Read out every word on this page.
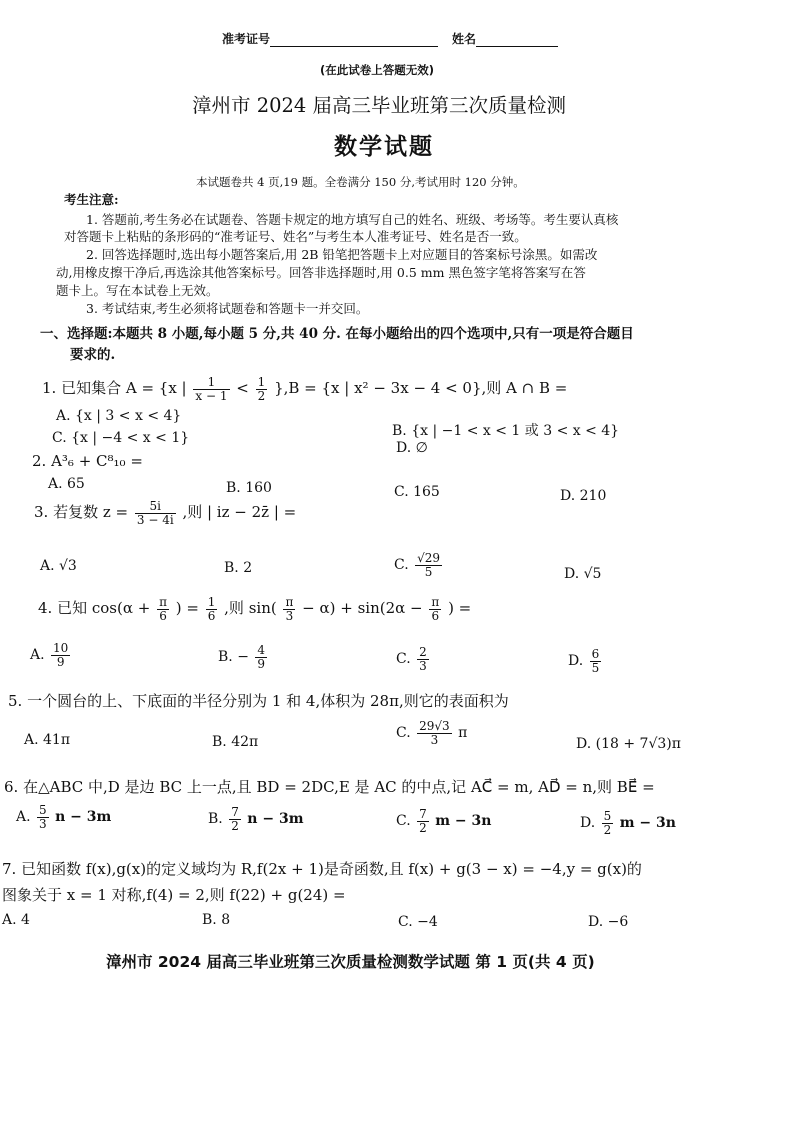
准考证号	姓名
(在此试卷上答题无效)
漳州市 2024 届高三毕业班第三次质量检测
数学试题
本试题卷共 4 页,19 题。全卷满分 150 分,考试用时 120 分钟。
考生注意:
1. 答题前,考生务必在试题卷、答题卡规定的地方填写自己的姓名、班级、考场等。考生要认真核
对答题卡上粘贴的条形码的“准考证号、姓名”与考生本人准考证号、姓名是否一致。
2. 回答选择题时,选出每小题答案后,用 2B 铅笔把答题卡上对应题目的答案标号涂黑。如需改
动,用橡皮擦干净后,再选涂其他答案标号。回答非选择题时,用 0.5 mm 黑色签字笔将答案写在答
题卡上。写在本试卷上无效。
3. 考试结束,考生必须将试题卷和答题卡一并交回。
一、选择题:本题共 8 小题,每小题 5 分,共 40 分. 在每小题给出的四个选项中,只有一项是符合题目
要求的.
1. 已知集合 A = {x | $\frac{1}{x - 1} < \frac{1}{2} \},B = \{x$ | x² − 3x − 4 < 0},则 A ∩ B =
A. {x | 3 < x < 4}
B. {x | −1 < x < 1 或 3 < x < 4}
C. {x | −4 < x < 1}
D. ∅
2. A³₆ + C⁸₁₀ =
A. 65	B. 160	C. 165	D. 210
3. 若复数 $z = \frac{5i}{3 - 4i}$ ,则 | iz − 2z̄ | =
A. √3	B. 2	C. $\frac{√29}{5}$	D. √5
4. 已知 $\cos(\alpha + \frac{\pi}{6}$ ) = $\frac{1}{6}$ ,则 $\sin( \frac{\pi}{3} - \alpha) + \sin(2\alpha - \frac{\pi}{6}$ ) =
A. $\frac{10}{9}$	B. − $\frac{4}{9}$	C. $\frac{2}{3}$	D. $\frac{6}{5}$
5. 一个圆台的上、下底面的半径分别为 1 和 4,体积为 28π,则它的表面积为
A. 41π	B. 42π
C. $\frac{29√3}{3}$ π
D. (18 + 7√3)π
6. 在△ABC 中,D 是边 BC 上一点,且 BD = 2DC,E 是 AC 的中点,记 AC⃗ = m, AD⃗ = n,则 BE⃗ =
A. $\frac{5}{3}$ n − 3m	B. $\frac{7}{2}$ n − 3m	C. $\frac{7}{2}$ m − 3n	D. $\frac{5}{2}$ m − 3n
7. 已知函数 f(x),g(x)的定义域均为 R,f(2x + 1)是奇函数,且 f(x) + g(3 − x) = −4,y = g(x)的
图象关于 x = 1 对称,f(4) = 2,则 f(22) + g(24) =
A. 4	B. 8	C. −4	D. −6
漳州市 2024 届高三毕业班第三次质量检测数学试题 第 1 页(共 4 页)
